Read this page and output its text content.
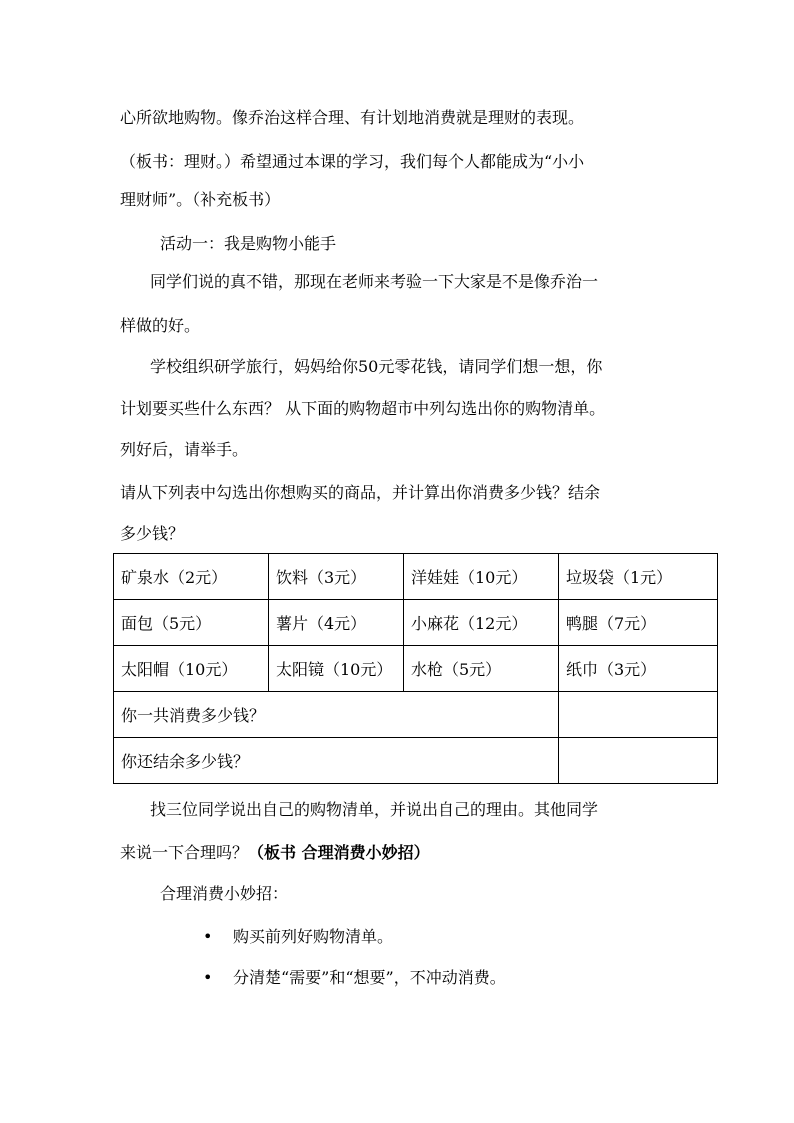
心所欲地购物。像乔治这样合理、有计划地消费就是理财的表现。
（板书：理财。）希望通过本课的学习，我们每个人都能成为“小小
理财师”。（补充板书）
活动一：我是购物小能手
同学们说的真不错，那现在老师来考验一下大家是不是像乔治一
样做的好。
学校组织研学旅行，妈妈给你50元零花钱，请同学们想一想，你
计划要买些什么东西？ 从下面的购物超市中列勾选出你的购物清单。
列好后，请举手。
请从下列表中勾选出你想购买的商品，并计算出你消费多少钱？结余
多少钱？
矿泉水（2元）	饮料（3元）	洋娃娃（10元）	垃圾袋（1元）
面包（5元）	薯片（4元）	小麻花（12元）	鸭腿（7元）
太阳帽（10元）	太阳镜（10元）	水枪（5元）	纸巾（3元）
你一共消费多少钱？			
你还结余多少钱？			
找三位同学说出自己的购物清单，并说出自己的理由。其他同学
来说一下合理吗？（板书 合理消费小妙招）
合理消费小妙招：
• 购买前列好购物清单。
• 分清楚“需要”和“想要”，不冲动消费。
